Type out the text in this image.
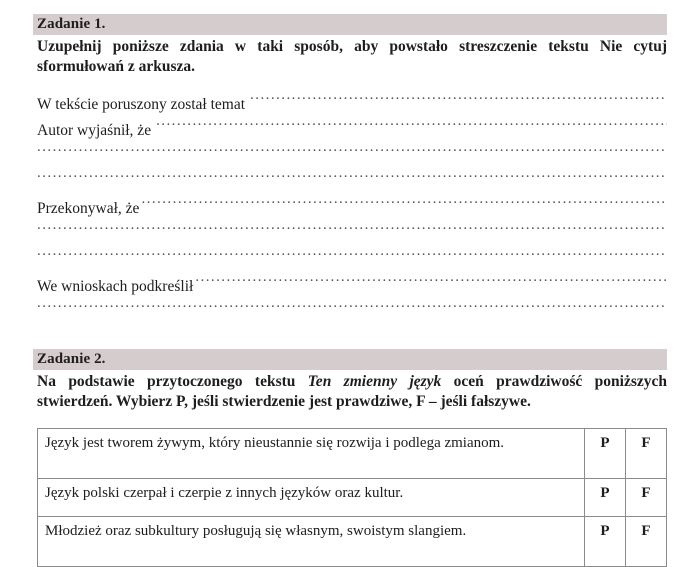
Zadanie 1.

Uzupełnij poniższe zdania w taki sposób, aby powstało streszczenie tekstu Nie cytuj sformułowań z arkusza.

W tekście poruszony został temat
.....
Autor wyjaśnił, że
.....
.....
.....
Przekonywał, że
.....
.....
.....
We wnioskach podkreślił
.....
.....
Zadanie 2.

Na podstawie przytoczonego tekstu Ten zmienny język oceń prawdziwość poniższych stwierdzeń. Wybierz P, jeśli stwierdzenie jest prawdziwe, F – jeśli fałszywe.

Język jest tworem żywym, który nieustannie się rozwija i podlega zmianom.	P	F
Język polski czerpał i czerpie z innych języków oraz kultur.	P	F
Młodzież oraz subkultury posługują się własnym, swoistym slangiem.	P	F
